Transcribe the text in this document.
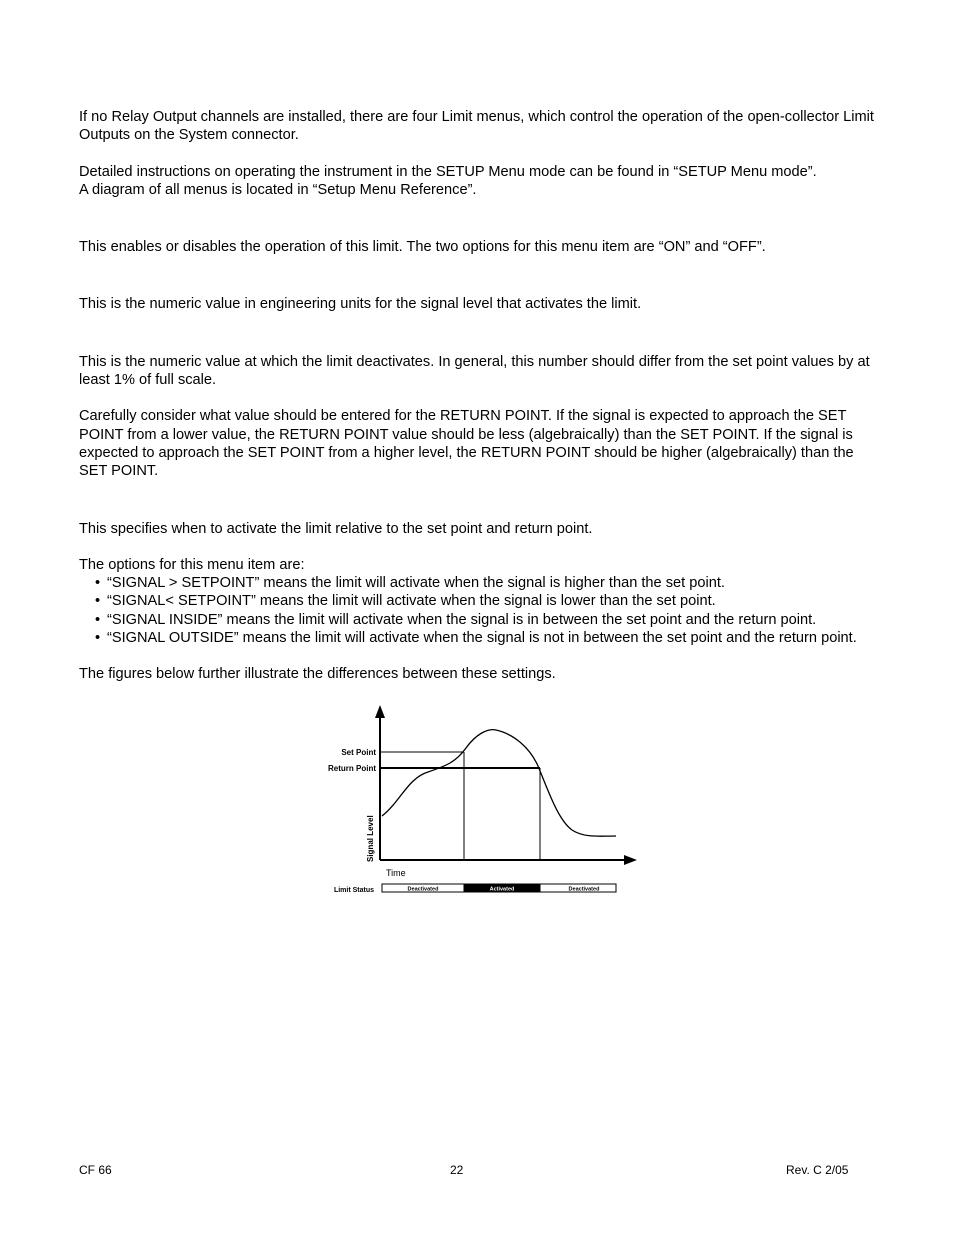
If no Relay Output channels are installed, there are four Limit menus, which control the operation of the open-collector Limit Outputs on the System connector.

Detailed instructions on operating the instrument in the SETUP Menu mode can be found in “SETUP Menu mode”.

A diagram of all menus is located in “Setup Menu Reference”.

This enables or disables the operation of this limit. The two options for this menu item are “ON” and “OFF”.

This is the numeric value in engineering units for the signal level that activates the limit.

This is the numeric value at which the limit deactivates. In general, this number should differ from the set point values by at least 1% of full scale.

Carefully consider what value should be entered for the RETURN POINT. If the signal is expected to approach the SET POINT from a lower value, the RETURN POINT value should be less (algebraically) than the SET POINT. If the signal is expected to approach the SET POINT from a higher level, the RETURN POINT should be higher (algebraically) than the SET POINT.

This specifies when to activate the limit relative to the set point and return point.

The options for this menu item are:

• “SIGNAL > SETPOINT” means the limit will activate when the signal is higher than the set point.
• “SIGNAL< SETPOINT” means the limit will activate when the signal is lower than the set point.
• “SIGNAL INSIDE” means the limit will activate when the signal is in between the set point and the return point.
• “SIGNAL OUTSIDE” means the limit will activate when the signal is not in between the set point and the return point.

The figures below further illustrate the differences between these settings.

Set Point
Return Point
Signal Level
Time
Limit Status	Deactivated	Activated	Deactivated
CF 66	22	Rev. C 2/05
